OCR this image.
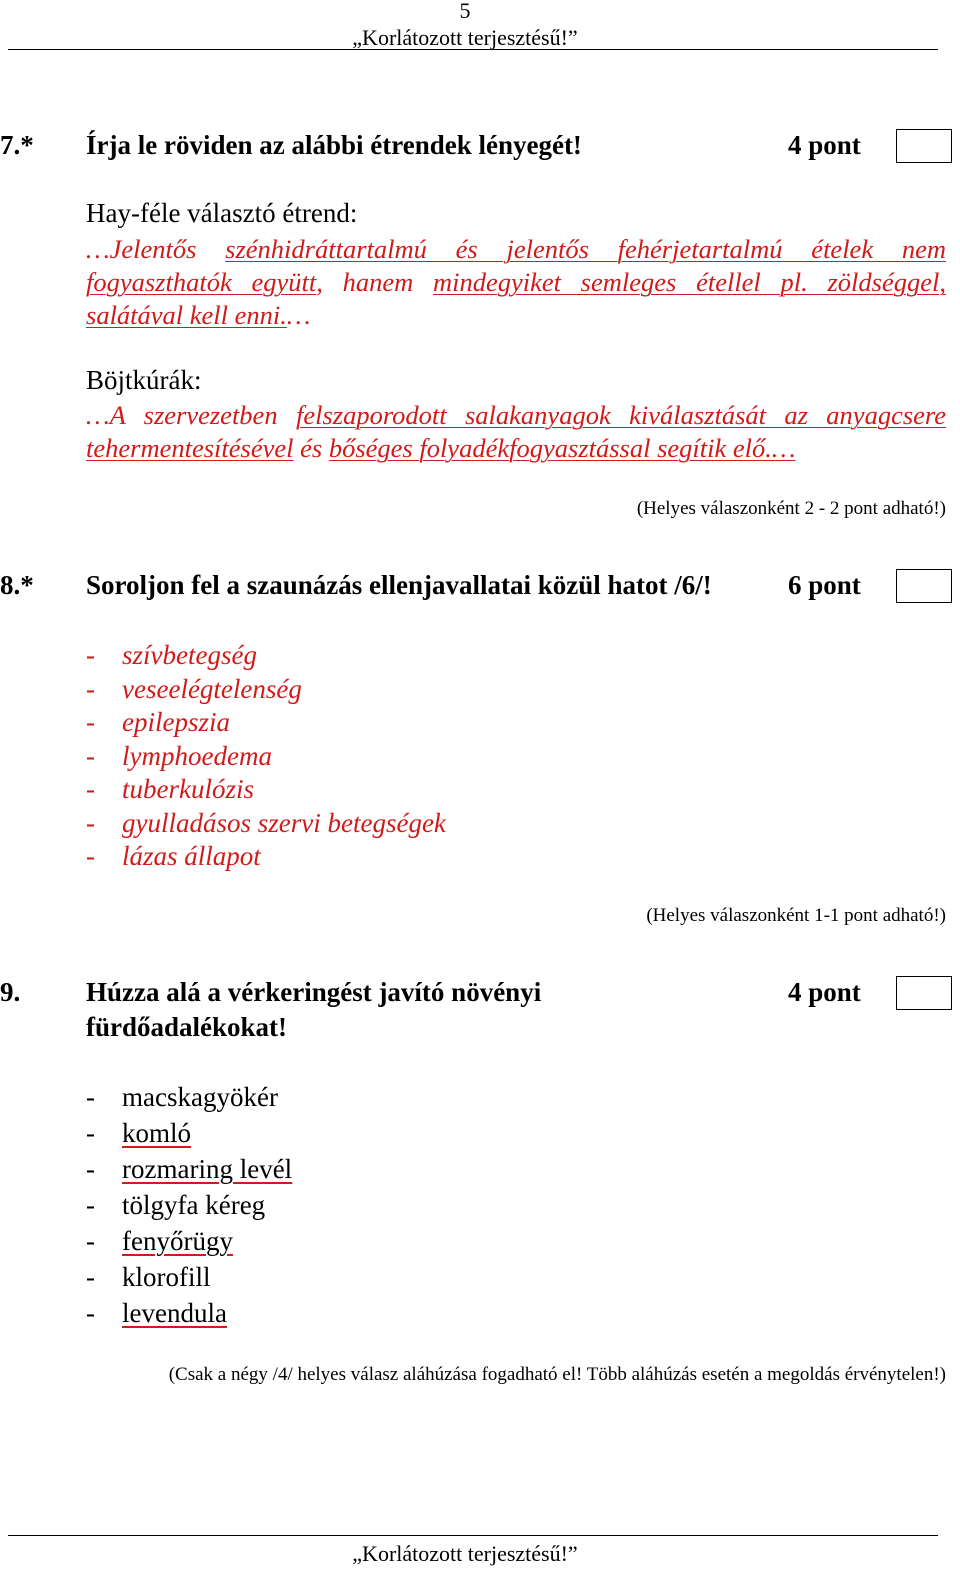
5
„Korlátozott terjesztésű!”
7.* Írja le röviden az alábbi étrendek lényegét!	4 pont
Hay-féle választó étrend:
…Jelentős szénhidráttartalmú és jelentős fehérjetartalmú ételek nem
fogyaszthatók együtt, hanem mindegyiket semleges étellel pl. zöldséggel,
salátával kell enni.…
Böjtkúrák:
…A szervezetben felszaporodott salakanyagok kiválasztását az anyagcsere
tehermentesítésével és bőséges folyadékfogyasztással segítik elő.…
(Helyes válaszonként 2 - 2 pont adható!)
8.* Soroljon fel a szaunázás ellenjavallatai közül hatot /6/!	6 pont
- szívbetegség
- veseelégtelenség
- epilepszia
- lymphoedema
- tuberkulózis
- gyulladásos szervi betegségek
- lázas állapot
(Helyes válaszonként 1-1 pont adható!)
9. Húzza alá a vérkeringést javító növényi
fürdőadalékokat!
4 pont
- macskagyökér
- komló
- rozmaring levél
- tölgyfa kéreg
- fenyőrügy
- klorofill
- levendula
(Csak a négy /4/ helyes válasz aláhúzása fogadható el! Több aláhúzás esetén a megoldás érvénytelen!)
„Korlátozott terjesztésű!”
